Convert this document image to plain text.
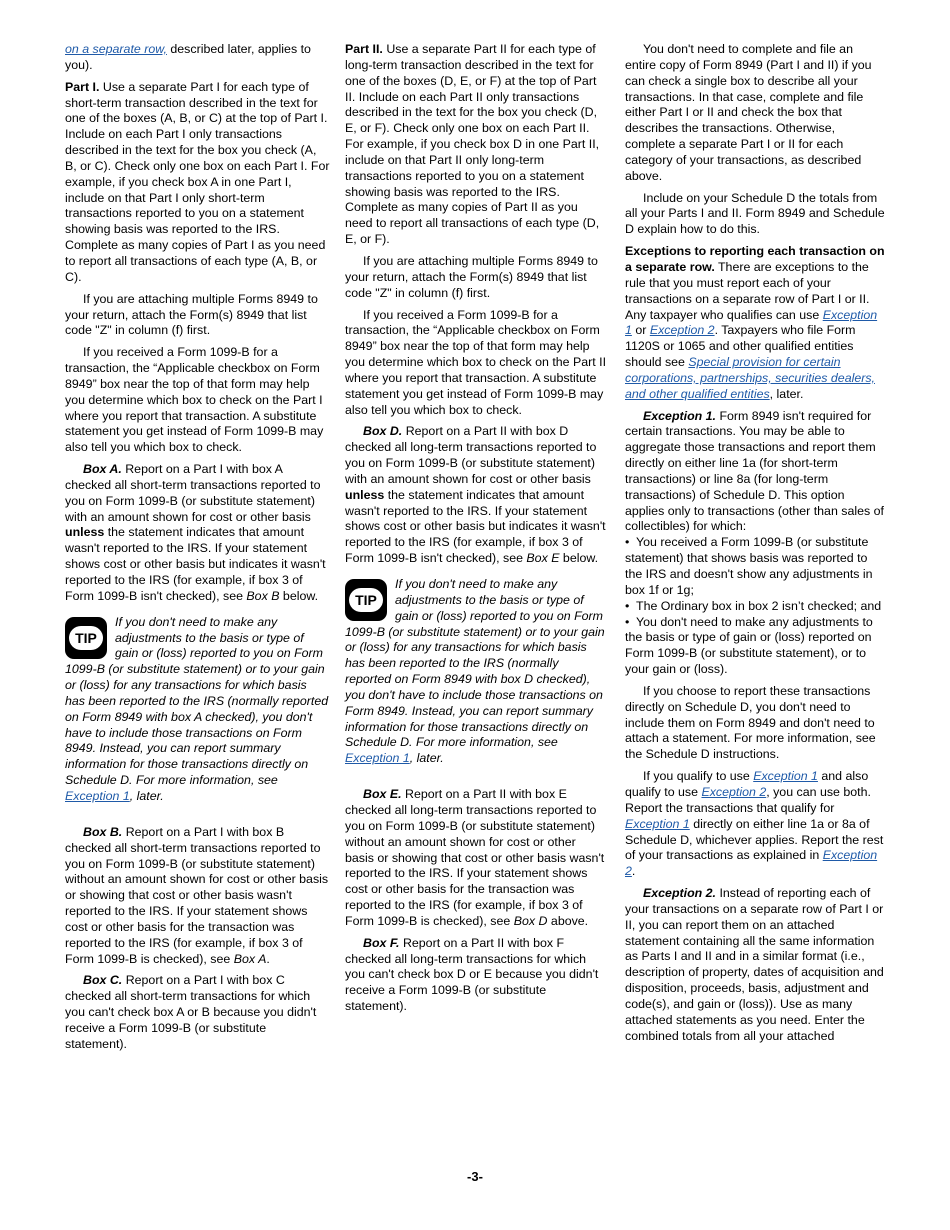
on a separate row, described later, applies to you).

Part I. Use a separate Part I for each type of short-term transaction described in the text for one of the boxes (A, B, or C) at the top of Part I. Include on each Part I only transactions described in the text for the box you check (A, B, or C). Check only one box on each Part I. For example, if you check box A in one Part I, include on that Part I only short-term transactions reported to you on a statement showing basis was reported to the IRS. Complete as many copies of Part I as you need to report all transactions of each type (A, B, or C).

If you are attaching multiple Forms 8949 to your return, attach the Form(s) 8949 that list code "Z" in column (f) first.

If you received a Form 1099-B for a transaction, the “Applicable checkbox on Form 8949” box near the top of that form may help you determine which box to check on the Part I where you report that transaction. A substitute statement you get instead of Form 1099-B may also tell you which box to check.

Box A. Report on a Part I with box A checked all short-term transactions reported to you on Form 1099-B (or substitute statement) with an amount shown for cost or other basis unless the statement indicates that amount wasn't reported to the IRS. If your statement shows cost or other basis but indicates it wasn't reported to the IRS (for example, if box 3 of Form 1099-B isn't checked), see Box B below.

TIP
If you don't need to make any adjustments to the basis or type of gain or (loss) reported to you on Form 1099-B (or substitute statement) or to your gain or (loss) for any transactions for which basis has been reported to the IRS (normally reported on Form 8949 with box A checked), you don't have to include those transactions on Form 8949. Instead, you can report summary information for those transactions directly on Schedule D. For more information, see Exception 1, later.

Box B. Report on a Part I with box B checked all short-term transactions reported to you on Form 1099-B (or substitute statement) without an amount shown for cost or other basis or showing that cost or other basis wasn't reported to the IRS. If your statement shows cost or other basis for the transaction was reported to the IRS (for example, if box 3 of Form 1099-B is checked), see Box A.

Box C. Report on a Part I with box C checked all short-term transactions for which you can't check box A or B because you didn't receive a Form 1099-B (or substitute statement).

Part II. Use a separate Part II for each type of long-term transaction described in the text for one of the boxes (D, E, or F) at the top of Part II. Include on each Part II only transactions described in the text for the box you check (D, E, or F). Check only one box on each Part II. For example, if you check box D in one Part II, include on that Part II only long-term transactions reported to you on a statement showing basis was reported to the IRS. Complete as many copies of Part II as you need to report all transactions of each type (D, E, or F).

If you are attaching multiple Forms 8949 to your return, attach the Form(s) 8949 that list code "Z" in column (f) first.

If you received a Form 1099-B for a transaction, the “Applicable checkbox on Form 8949” box near the top of that form may help you determine which box to check on the Part II where you report that transaction. A substitute statement you get instead of Form 1099-B may also tell you which box to check.

Box D. Report on a Part II with box D checked all long-term transactions reported to you on Form 1099-B (or substitute statement) with an amount shown for cost or other basis unless the statement indicates that amount wasn't reported to the IRS. If your statement shows cost or other basis but indicates it wasn't reported to the IRS (for example, if box 3 of Form 1099-B isn't checked), see Box E below.

TIP
If you don't need to make any adjustments to the basis or type of gain or (loss) reported to you on Form 1099-B (or substitute statement) or to your gain or (loss) for any transactions for which basis has been reported to the IRS (normally reported on Form 8949 with box D checked), you don't have to include those transactions on Form 8949. Instead, you can report summary information for those transactions directly on Schedule D. For more information, see Exception 1, later.

Box E. Report on a Part II with box E checked all long-term transactions reported to you on Form 1099-B (or substitute statement) without an amount shown for cost or other basis or showing that cost or other basis wasn't reported to the IRS. If your statement shows cost or other basis for the transaction was reported to the IRS (for example, if box 3 of Form 1099-B is checked), see Box D above.

Box F. Report on a Part II with box F checked all long-term transactions for which you can't check box D or E because you didn't receive a Form 1099-B (or substitute statement).

You don't need to complete and file an entire copy of Form 8949 (Part I and II) if you can check a single box to describe all your transactions. In that case, complete and file either Part I or II and check the box that describes the transactions. Otherwise, complete a separate Part I or II for each category of your transactions, as described above.

Include on your Schedule D the totals from all your Parts I and II. Form 8949 and Schedule D explain how to do this.

Exceptions to reporting each transaction on a separate row. There are exceptions to the rule that you must report each of your transactions on a separate row of Part I or II. Any taxpayer who qualifies can use Exception 1 or Exception 2. Taxpayers who file Form 1120S or 1065 and other qualified entities should see Special provision for certain corporations, partnerships, securities dealers, and other qualified entities, later.

Exception 1. Form 8949 isn't required for certain transactions. You may be able to aggregate those transactions and report them directly on either line 1a (for short-term transactions) or line 8a (for long-term transactions) of Schedule D. This option applies only to transactions (other than sales of collectibles) for which:

• You received a Form 1099-B (or substitute statement) that shows basis was reported to the IRS and doesn't show any adjustments in box 1f or 1g;
• The Ordinary box in box 2 isn’t checked; and
• You don't need to make any adjustments to the basis or type of gain or (loss) reported on Form 1099-B (or substitute statement), or to your gain or (loss).

If you choose to report these transactions directly on Schedule D, you don't need to include them on Form 8949 and don't need to attach a statement. For more information, see the Schedule D instructions.

If you qualify to use Exception 1 and also qualify to use Exception 2, you can use both. Report the transactions that qualify for Exception 1 directly on either line 1a or 8a of Schedule D, whichever applies. Report the rest of your transactions as explained in Exception 2.

Exception 2. Instead of reporting each of your transactions on a separate row of Part I or II, you can report them on an attached statement containing all the same information as Parts I and II and in a similar format (i.e., description of property, dates of acquisition and disposition, proceeds, basis, adjustment and code(s), and gain or (loss)). Use as many attached statements as you need. Enter the combined totals from all your attached

-3-
